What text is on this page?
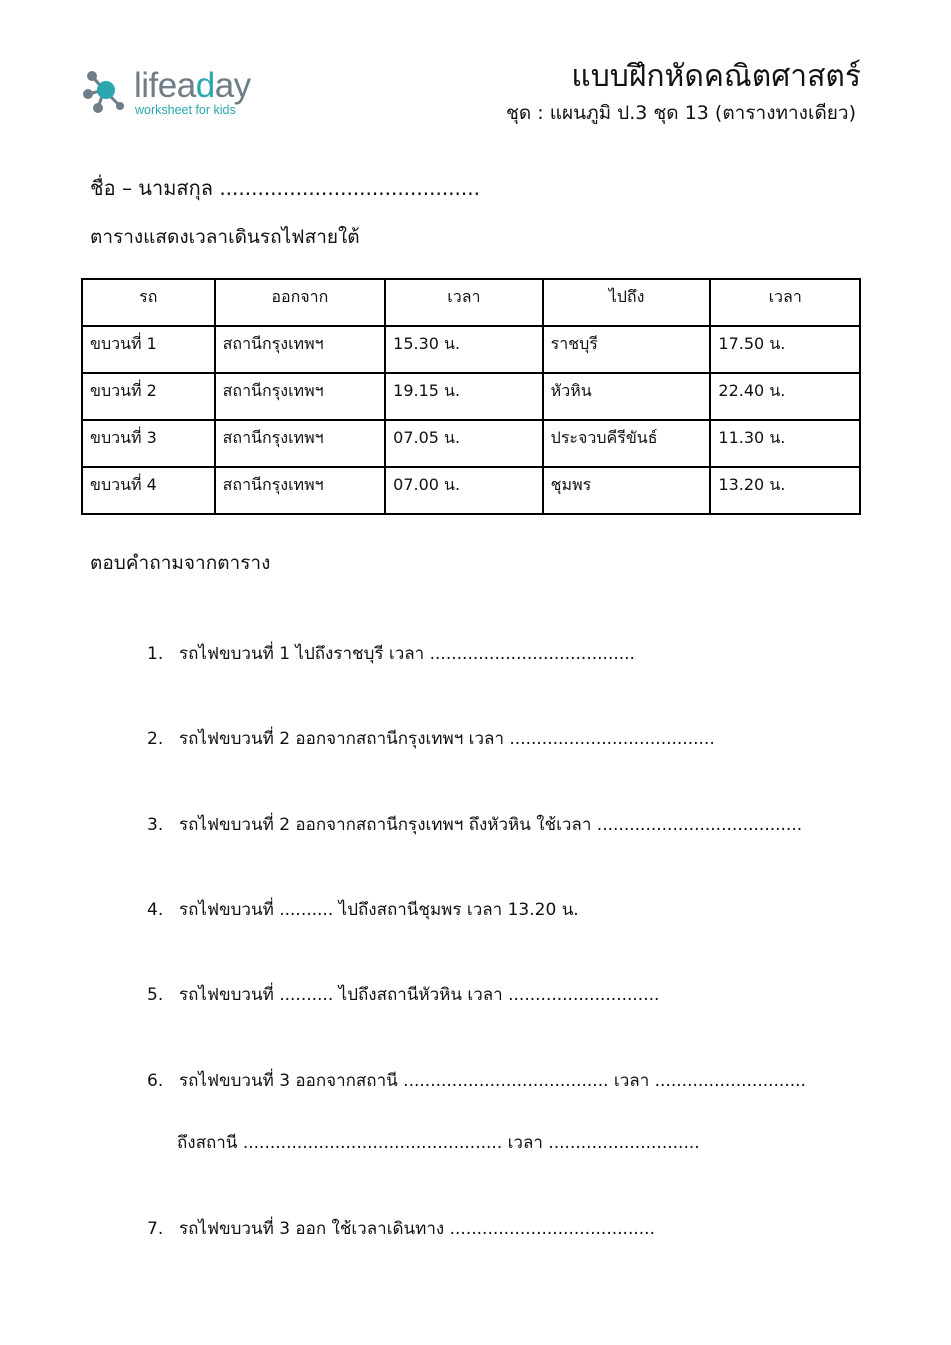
lifeaday
worksheet for kids
แบบฝึกหัดคณิตศาสตร์
ชุด : แผนภูมิ ป.3 ชุด 13 (ตารางทางเดียว)
ชื่อ – นามสกุล .........................................
ตารางแสดงเวลาเดินรถไฟสายใต้
รถ	ออกจาก	เวลา	ไปถึง	เวลา
ขบวนที่ 1	สถานีกรุงเทพฯ	15.30 น.	ราชบุรี	17.50 น.
ขบวนที่ 2	สถานีกรุงเทพฯ	19.15 น.	หัวหิน	22.40 น.
ขบวนที่ 3	สถานีกรุงเทพฯ	07.05 น.	ประจวบคีรีขันธ์	11.30 น.
ขบวนที่ 4	สถานีกรุงเทพฯ	07.00 น.	ชุมพร	13.20 น.
ตอบคำถามจากตาราง
1. รถไฟขบวนที่ 1 ไปถึงราชบุรี เวลา ......................................
2. รถไฟขบวนที่ 2 ออกจากสถานีกรุงเทพฯ เวลา ......................................
3. รถไฟขบวนที่ 2 ออกจากสถานีกรุงเทพฯ ถึงหัวหิน ใช้เวลา ......................................
4. รถไฟขบวนที่ .......... ไปถึงสถานีชุมพร เวลา 13.20 น.
5. รถไฟขบวนที่ .......... ไปถึงสถานีหัวหิน เวลา ............................
6. รถไฟขบวนที่ 3 ออกจากสถานี ...................................... เวลา ............................
ถึงสถานี ................................................ เวลา ............................
7. รถไฟขบวนที่ 3 ออก ใช้เวลาเดินทาง ......................................
